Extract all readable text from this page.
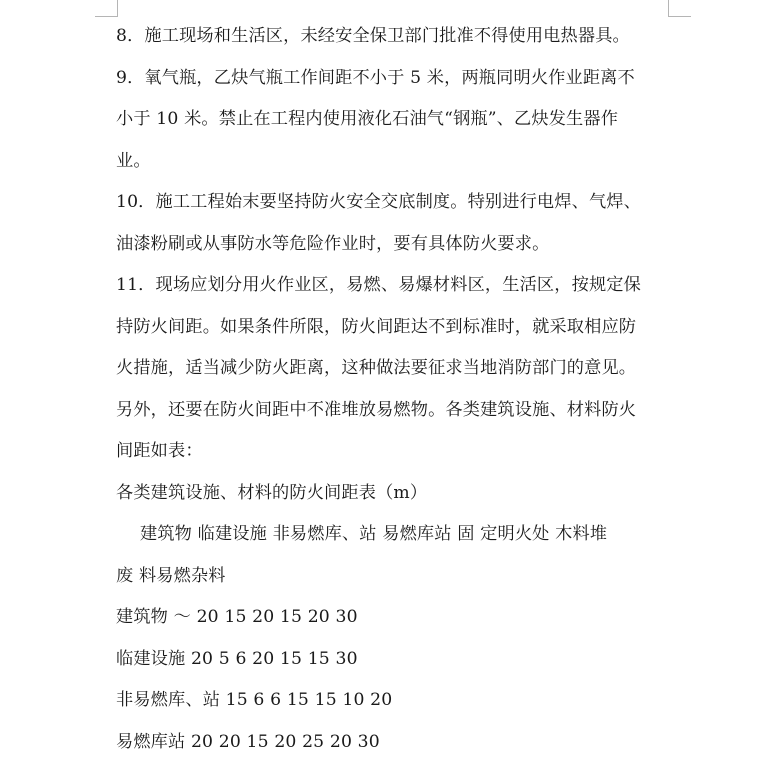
8．施工现场和生活区，未经安全保卫部门批准不得使用电热器具。
9．氧气瓶，乙炔气瓶工作间距不小于 5 米，两瓶同明火作业距离不
小于 10 米。禁止在工程内使用液化石油气“钢瓶”、乙炔发生器作
业。
10．施工工程始末要坚持防火安全交底制度。特别进行电焊、气焊、
油漆粉刷或从事防水等危险作业时，要有具体防火要求。
11．现场应划分用火作业区，易燃、易爆材料区，生活区，按规定保
持防火间距。如果条件所限，防火间距达不到标准时，就采取相应防
火措施，适当减少防火距离，这种做法要征求当地消防部门的意见。
另外，还要在防火间距中不准堆放易燃物。各类建筑设施、材料防火
间距如表：
各类建筑设施、材料的防火间距表（m）
建筑物 临建设施 非易燃库、站 易燃库站 固 定明火处 木料堆
废 料易燃杂料
建筑物 ～ 20 15 20 15 20 30
临建设施 20 5 6 20 15 15 30
非易燃库、站 15 6 6 15 15 10 20
易燃库站 20 20 15 20 25 20 30
